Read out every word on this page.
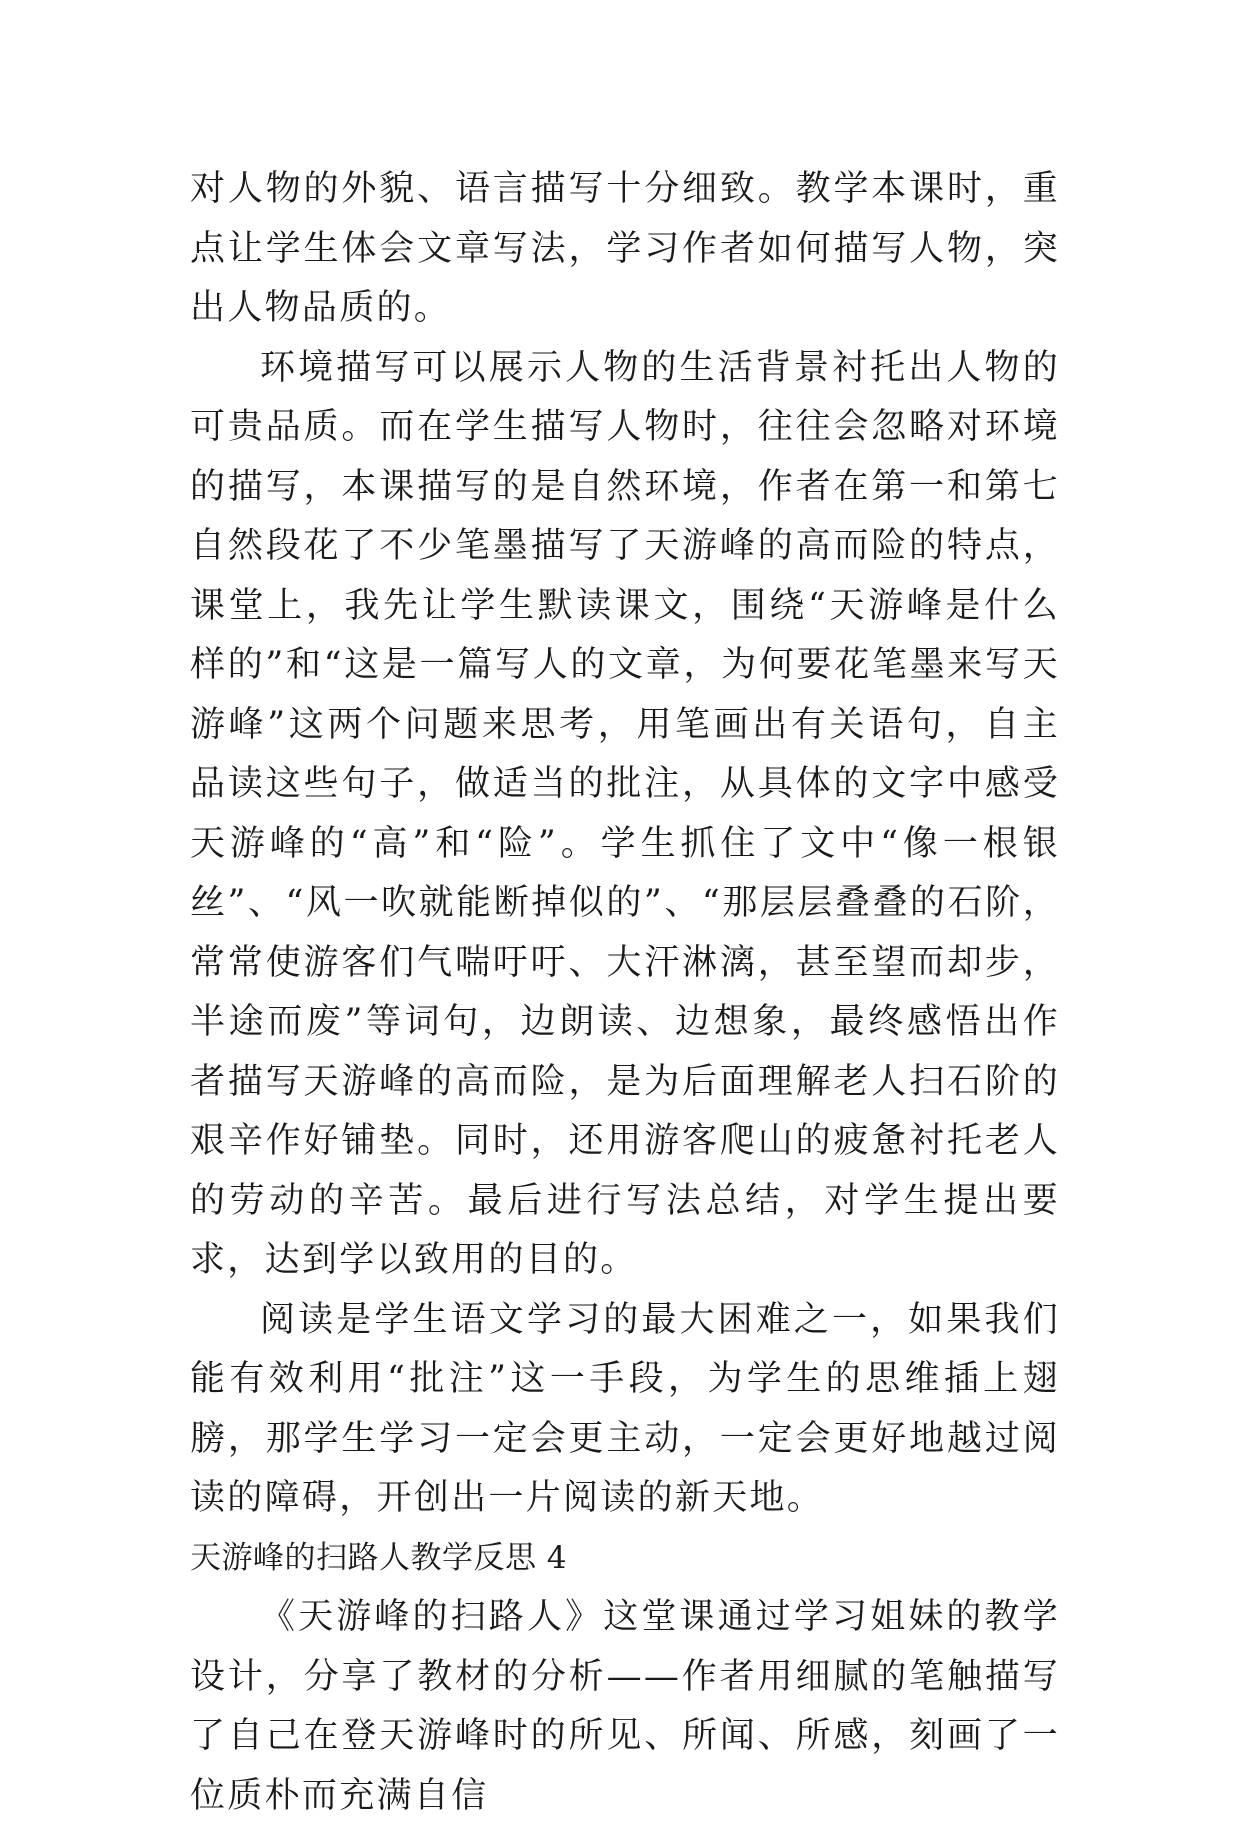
对人物的外貌、语言描写十分细致。教学本课时，重点让学生体会文章写法，学习作者如何描写人物，突出人物品质的。

环境描写可以展示人物的生活背景衬托出人物的可贵品质。而在学生描写人物时，往往会忽略对环境的描写，本课描写的是自然环境，作者在第一和第七自然段花了不少笔墨描写了天游峰的高而险的特点，课堂上，我先让学生默读课文，围绕“天游峰是什么样的”和“这是一篇写人的文章，为何要花笔墨来写天游峰”这两个问题来思考，用笔画出有关语句，自主品读这些句子，做适当的批注，从具体的文字中感受天游峰的“高”和“险”。学生抓住了文中“像一根银丝”、“风一吹就能断掉似的”、“那层层叠叠的石阶，常常使游客们气喘吁吁、大汗淋漓，甚至望而却步，半途而废”等词句，边朗读、边想象，最终感悟出作者描写天游峰的高而险，是为后面理解老人扫石阶的艰辛作好铺垫。同时，还用游客爬山的疲惫衬托老人的劳动的辛苦。最后进行写法总结，对学生提出要求，达到学以致用的目的。

阅读是学生语文学习的最大困难之一，如果我们能有效利用“批注”这一手段，为学生的思维插上翅膀，那学生学习一定会更主动，一定会更好地越过阅读的障碍，开创出一片阅读的新天地。

天游峰的扫路人教学反思 4

《天游峰的扫路人》这堂课通过学习姐妹的教学设计，分享了教材的分析——作者用细腻的笔触描写了自己在登天游峰时的所见、所闻、所感，刻画了一位质朴而充满自信
